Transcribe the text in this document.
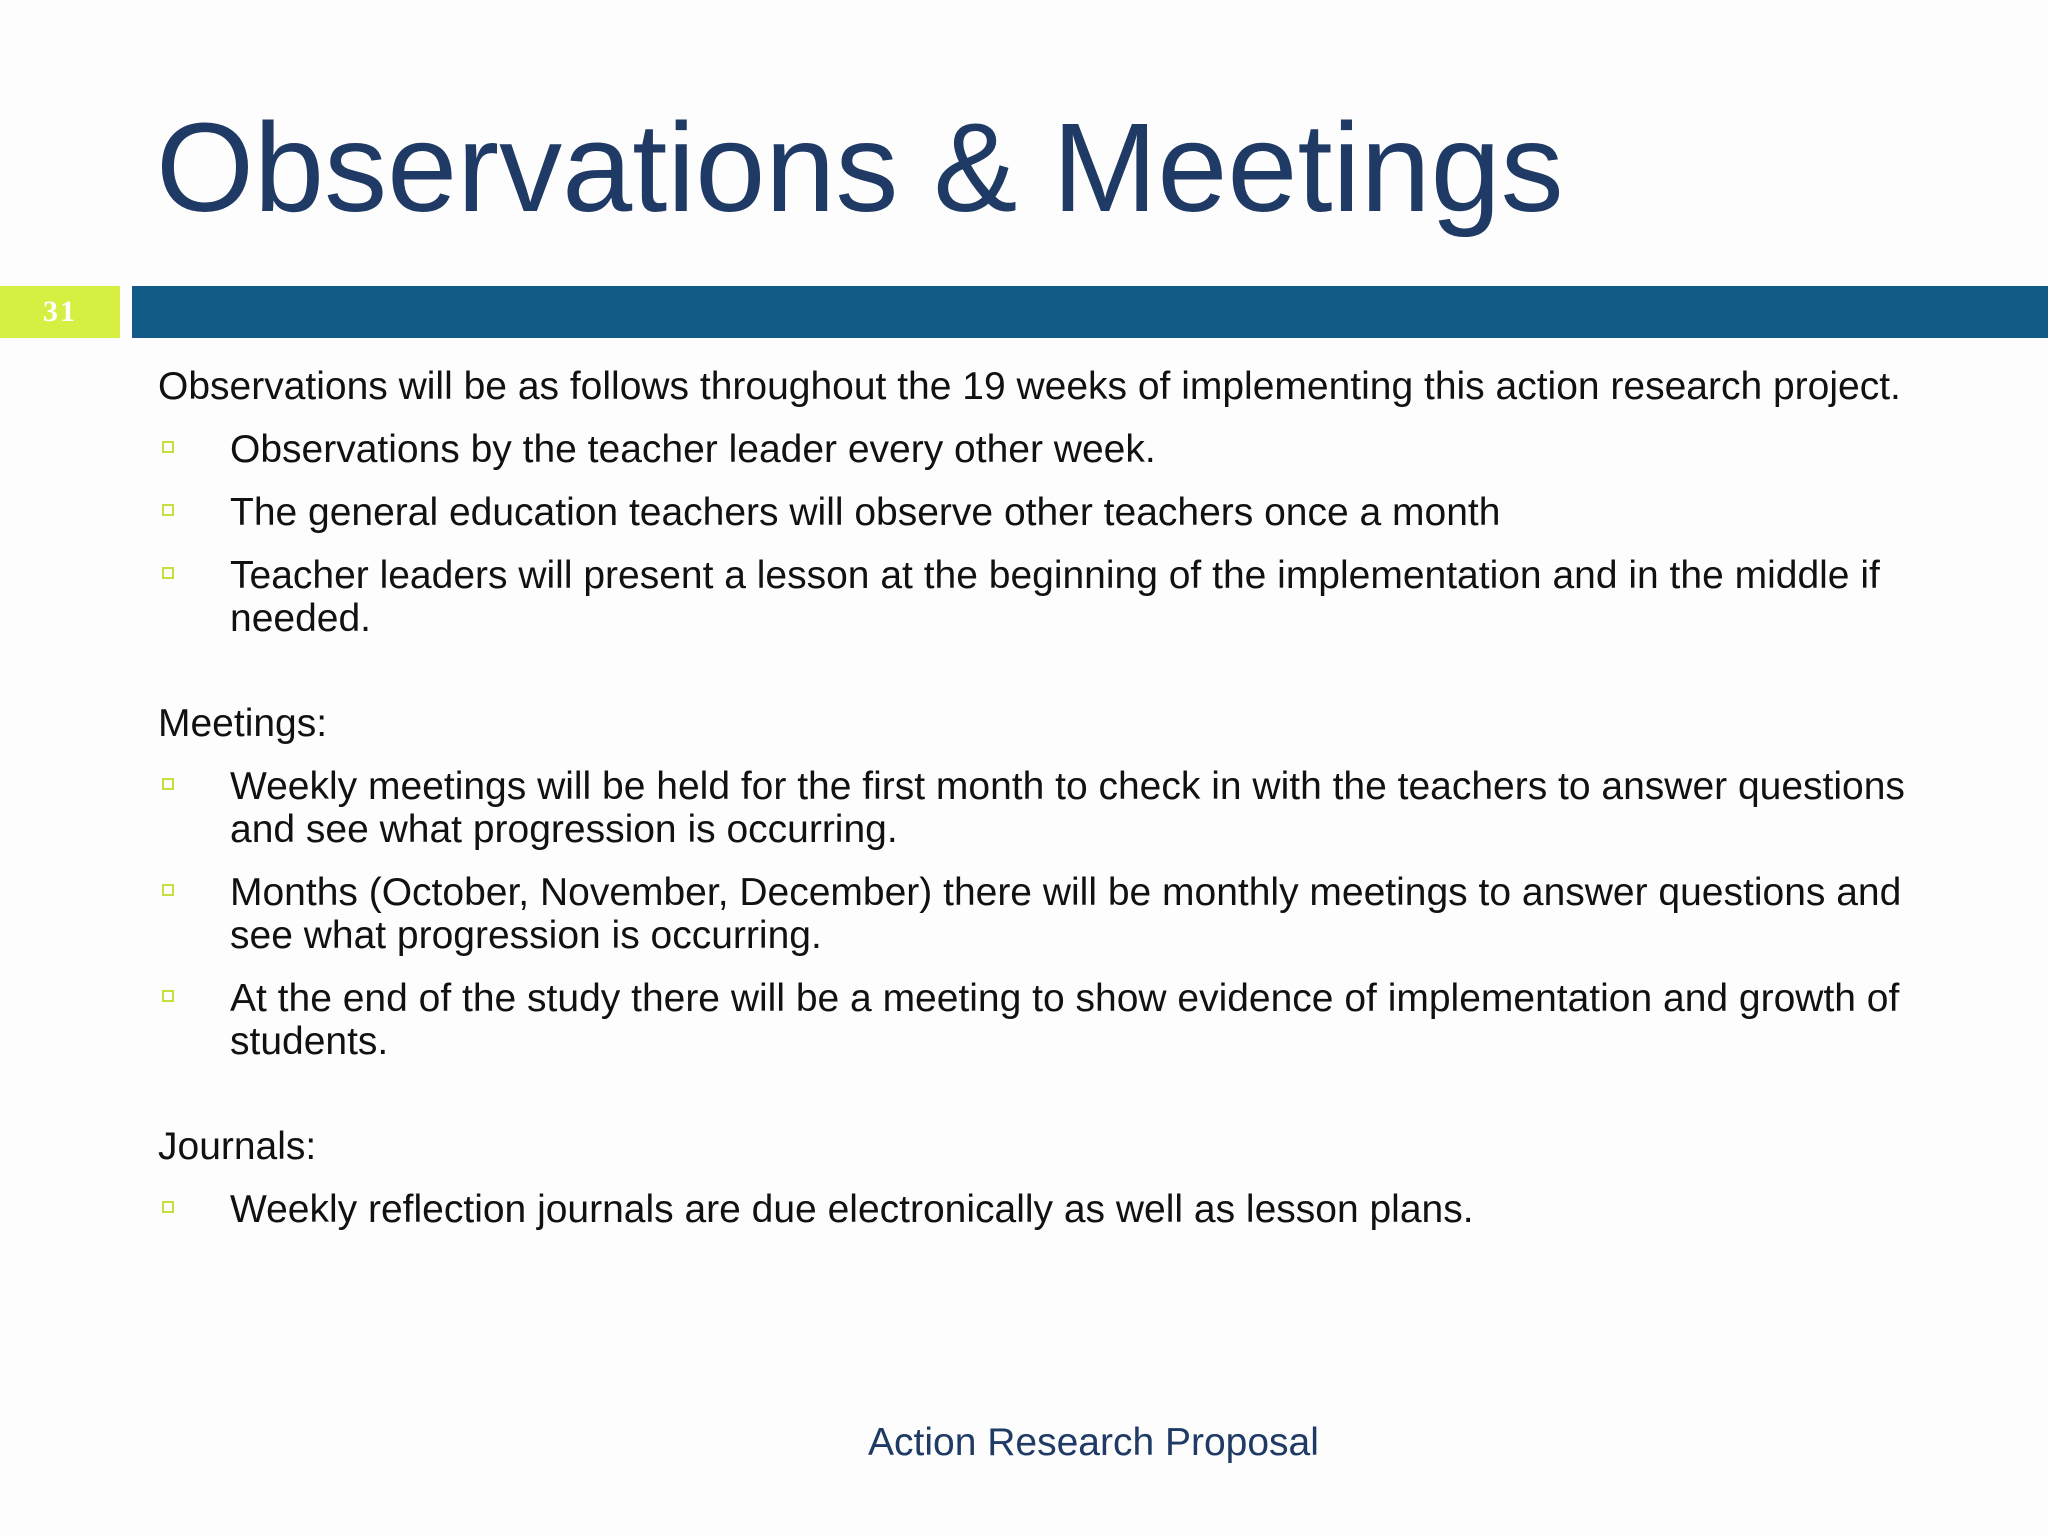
Observations & Meetings
31

Observations will be as follows throughout the 19 weeks of implementing this action research project.

Observations by the teacher leader every other week.
The general education teachers will observe other teachers once a month
Teacher leaders will present a lesson at the beginning of the implementation and in the middle if needed.

Meetings:

Weekly meetings will be held for the first month to check in with the teachers to answer questions and see what progression is occurring.
Months (October, November, December) there will be monthly meetings to answer questions and see what progression is occurring.
At the end of the study there will be a meeting to show evidence of implementation and growth of students.

Journals:

Weekly reflection journals are due electronically as well as lesson plans.
Action Research Proposal
